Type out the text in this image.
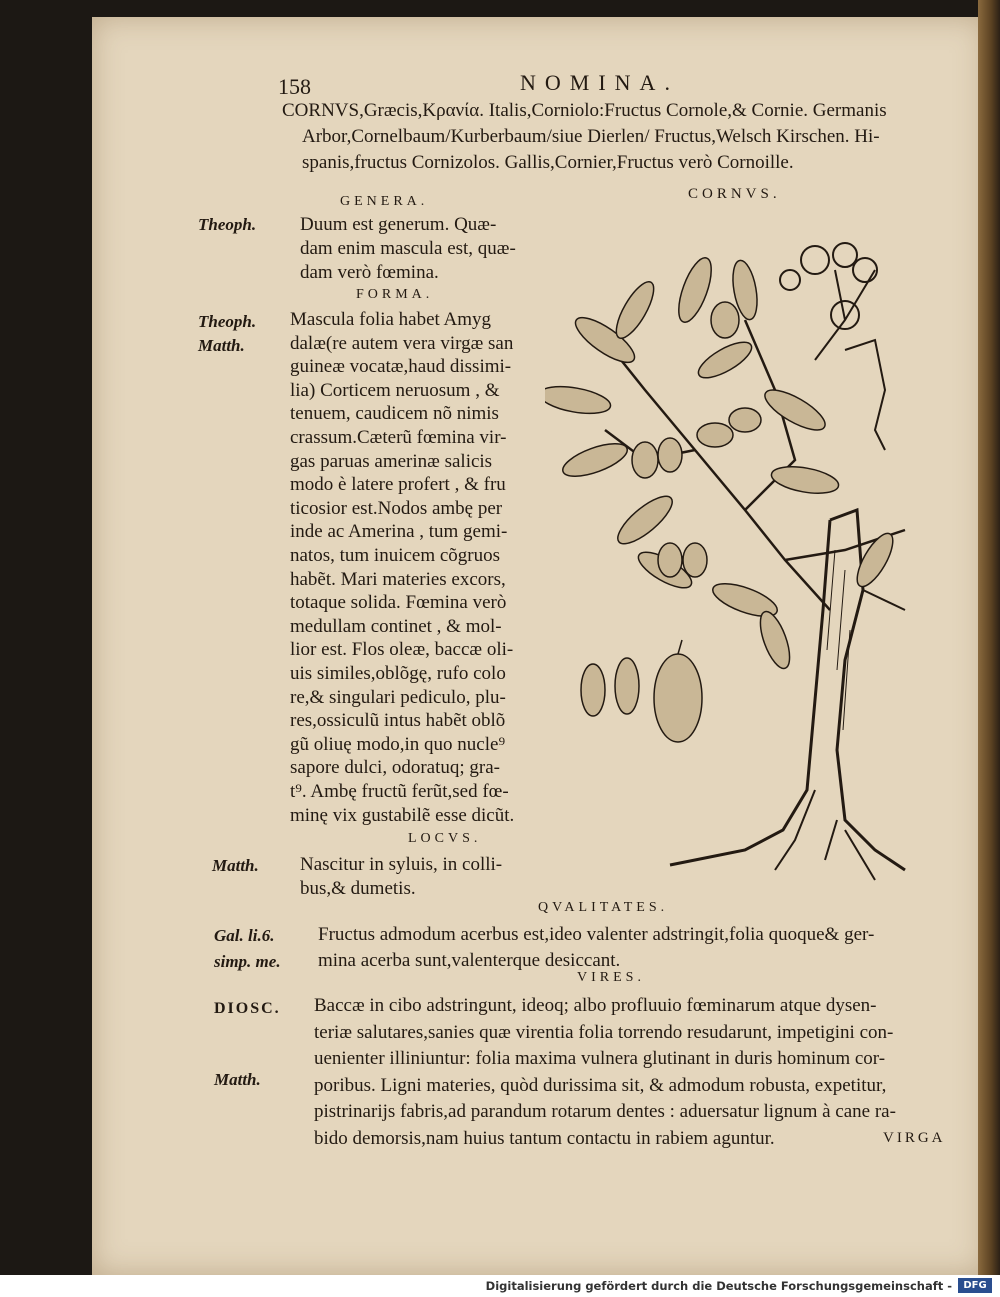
158	NOMINA.
CORNVS,Græcis,Κρανία. Italis,Corniolo:Fructus Cornole,& Cornie. Germanis
Arbor,Cornelbaum/Kurberbaum/siue Dierlen/ Fructus,Welsch Kirschen. Hi-
spanis,fructus Cornizolos. Gallis,Cornier,Fructus verò Cornoille.
CORNVS.
GENERA.
Theoph. Duum est generum. Quæ-
dam enim mascula est, quæ-
dam verò fœmina.
FORMA.
Theoph.
Matth.
Mascula folia habet Amyg
dalæ(re autem vera virgæ san
guineæ vocatæ,haud dissimi-
lia) Corticem neruosum , &
tenuem, caudicem nõ nimis
crassum.Cæterũ fœmina vir-
gas paruas amerinæ salicis
modo è latere profert , & fru
ticosior est.Nodos ambę per
inde ac Amerina , tum gemi-
natos, tum inuicem cõgruos
habẽt. Mari materies excors,
totaque solida. Fœmina verò
medullam continet , & mol-
lior est. Flos oleæ, baccæ oli-
uis similes,oblõgę, rufo colo
re,& singulari pediculo, plu-
res,ossiculũ intus habẽt oblõ
gũ oliuę modo,in quo nucle⁹
sapore dulci, odoratuq; gra-
t⁹. Ambę fructũ ferũt,sed fœ-
minę vix gustabilẽ esse dicũt.
LOCVS.
Matth. Nascitur in syluis, in colli-
bus,& dumetis.
QVALITATES.
Gal. li.6.
simp. me.
Fructus admodum acerbus est,ideo valenter adstringit,folia quoque& ger-
mina acerba sunt,valenterque desiccant.
VIRES.
DIOSC.
Matth.
Baccæ in cibo adstringunt, ideoq; albo profluuio fœminarum atque dysen-
teriæ salutares,sanies quæ virentia folia torrendo resudarunt, impetigini con-
uenienter illiniuntur: folia maxima vulnera glutinant in duris hominum cor-
poribus. Ligni materies, quòd durissima sit, & admodum robusta, expetitur,
pistrinarijs fabris,ad parandum rotarum dentes : aduersatur lignum à cane ra-
bido demorsis,nam huius tantum contactu in rabiem aguntur.	VIRGA
Digitalisierung gefördert durch die Deutsche Forschungsgemeinschaft -	DFG
